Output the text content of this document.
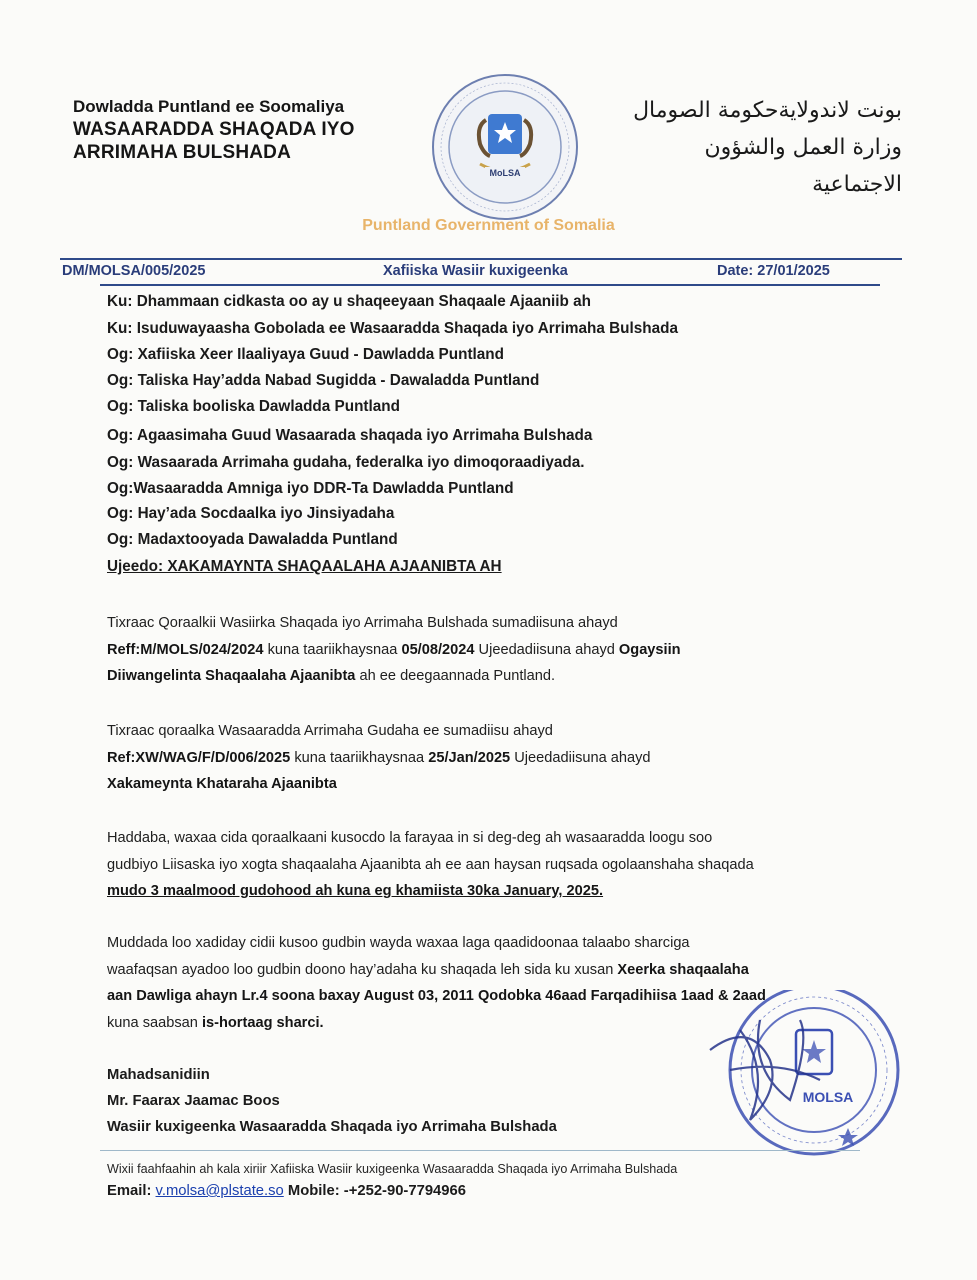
Dowladda Puntland ee Soomaliya
WASAARADDA SHAQADA IYO
ARRIMAHA BULSHADA
MoLSA
بونت لاندولايةحكومة الصومال
وزارة العمل والشؤون
الاجتماعية
Puntland Government of Somalia
DM/MOLSA/005/2025	Xafiiska Wasiir kuxigeenka	Date: 27/01/2025
Ku: Dhammaan cidkasta oo ay u shaqeeyaan Shaqaale Ajaaniib ah
Ku: Isuduwayaasha Gobolada ee Wasaaradda Shaqada iyo Arrimaha Bulshada
Og: Xafiiska Xeer Ilaaliyaya Guud - Dawladda Puntland
Og: Taliska Hay’adda Nabad Sugidda - Dawaladda Puntland
Og: Taliska booliska Dawladda Puntland
Og: Agaasimaha Guud Wasaarada shaqada iyo Arrimaha Bulshada
Og: Wasaarada Arrimaha gudaha, federalka iyo dimoqoraadiyada.
Og:Wasaaradda Amniga iyo DDR-Ta Dawladda Puntland
Og: Hay’ada Socdaalka iyo Jinsiyadaha
Og: Madaxtooyada Dawaladda Puntland
Ujeedo: XAKAMAYNTA SHAQAALAHA AJAANIBTA AH
Tixraac Qoraalkii Wasiirka Shaqada iyo Arrimaha Bulshada sumadiisuna ahayd
Reff:M/MOLS/024/2024 kuna taariikhaysnaa 05/08/2024 Ujeedadiisuna ahayd Ogaysiin
Diiwangelinta Shaqaalaha Ajaanibta ah ee deegaannada Puntland.
Tixraac qoraalka Wasaaradda Arrimaha Gudaha ee sumadiisu ahayd
Ref:XW/WAG/F/D/006/2025 kuna taariikhaysnaa 25/Jan/2025 Ujeedadiisuna ahayd
Xakameynta Khataraha Ajaanibta
Haddaba, waxaa cida qoraalkaani kusocdo la farayaa in si deg-deg ah wasaaradda loogu soo
gudbiyo Liisaska iyo xogta shaqaalaha Ajaanibta ah ee aan haysan ruqsada ogolaanshaha shaqada
mudo 3 maalmood gudohood ah kuna eg khamiista 30ka January, 2025.
Muddada loo xadiday cidii kusoo gudbin wayda waxaa laga qaadidoonaa talaabo sharciga
waafaqsan ayadoo loo gudbin doono hay’adaha ku shaqada leh sida ku xusan Xeerka shaqaalaha
aan Dawliga ahayn Lr.4 soona baxay August 03, 2011 Qodobka 46aad Farqadihiisa 1aad & 2aad
kuna saabsan is-hortaag sharci.
MOLSA
Mahadsanidiin
Mr. Faarax Jaamac Boos
Wasiir kuxigeenka Wasaaradda Shaqada iyo Arrimaha Bulshada
Wixii faahfaahin ah kala xiriir Xafiiska Wasiir kuxigeenka Wasaaradda Shaqada iyo Arrimaha Bulshada
Email: v.molsa@plstate.so Mobile: -+252-90-7794966
